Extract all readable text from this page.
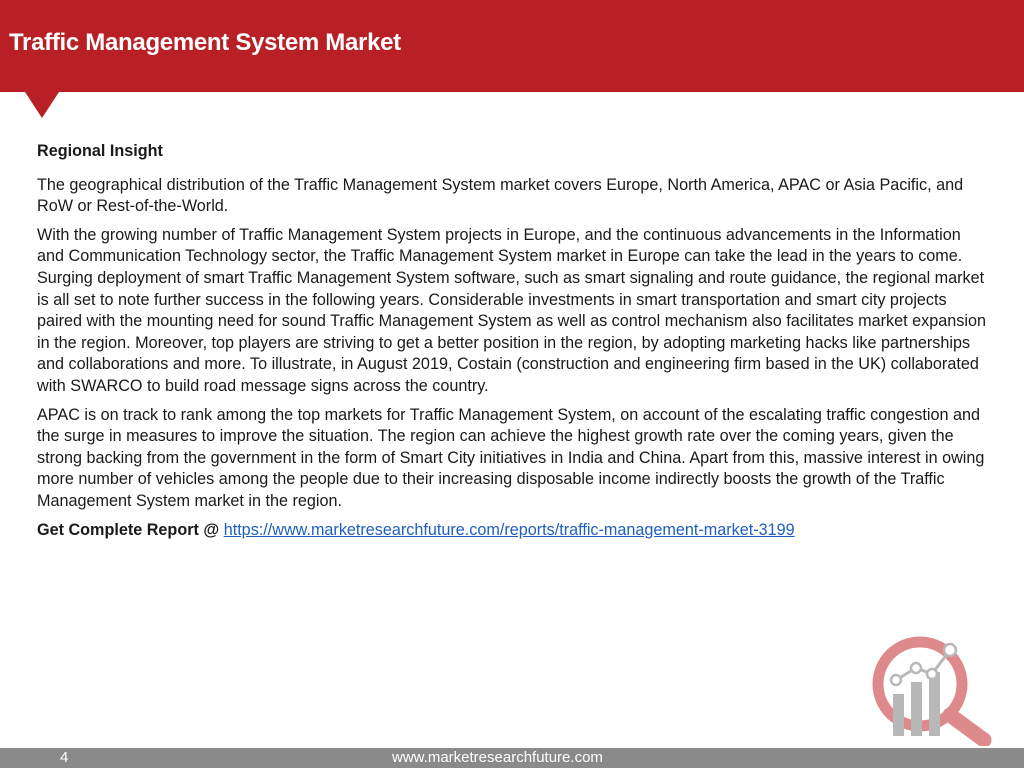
Traffic Management System Market

Regional Insight

The geographical distribution of the Traffic Management System market covers Europe, North America, APAC or Asia Pacific, and RoW or Rest-of-the-World.

With the growing number of Traffic Management System projects in Europe, and the continuous advancements in the Information and Communication Technology sector, the Traffic Management System market in Europe can take the lead in the years to come. Surging deployment of smart Traffic Management System software, such as smart signaling and route guidance, the regional market is all set to note further success in the following years. Considerable investments in smart transportation and smart city projects paired with the mounting need for sound Traffic Management System as well as control mechanism also facilitates market expansion in the region. Moreover, top players are striving to get a better position in the region, by adopting marketing hacks like partnerships and collaborations and more. To illustrate, in August 2019, Costain (construction and engineering firm based in the UK) collaborated with SWARCO to build road message signs across the country.

APAC is on track to rank among the top markets for Traffic Management System, on account of the escalating traffic congestion and the surge in measures to improve the situation. The region can achieve the highest growth rate over the coming years, given the strong backing from the government in the form of Smart City initiatives in India and China. Apart from this, massive interest in owing more number of vehicles among the people due to their increasing disposable income indirectly boosts the growth of the Traffic Management System market in the region.

Get Complete Report @ https://www.marketresearchfuture.com/reports/traffic-management-market-3199

4	www.marketresearchfuture.com
